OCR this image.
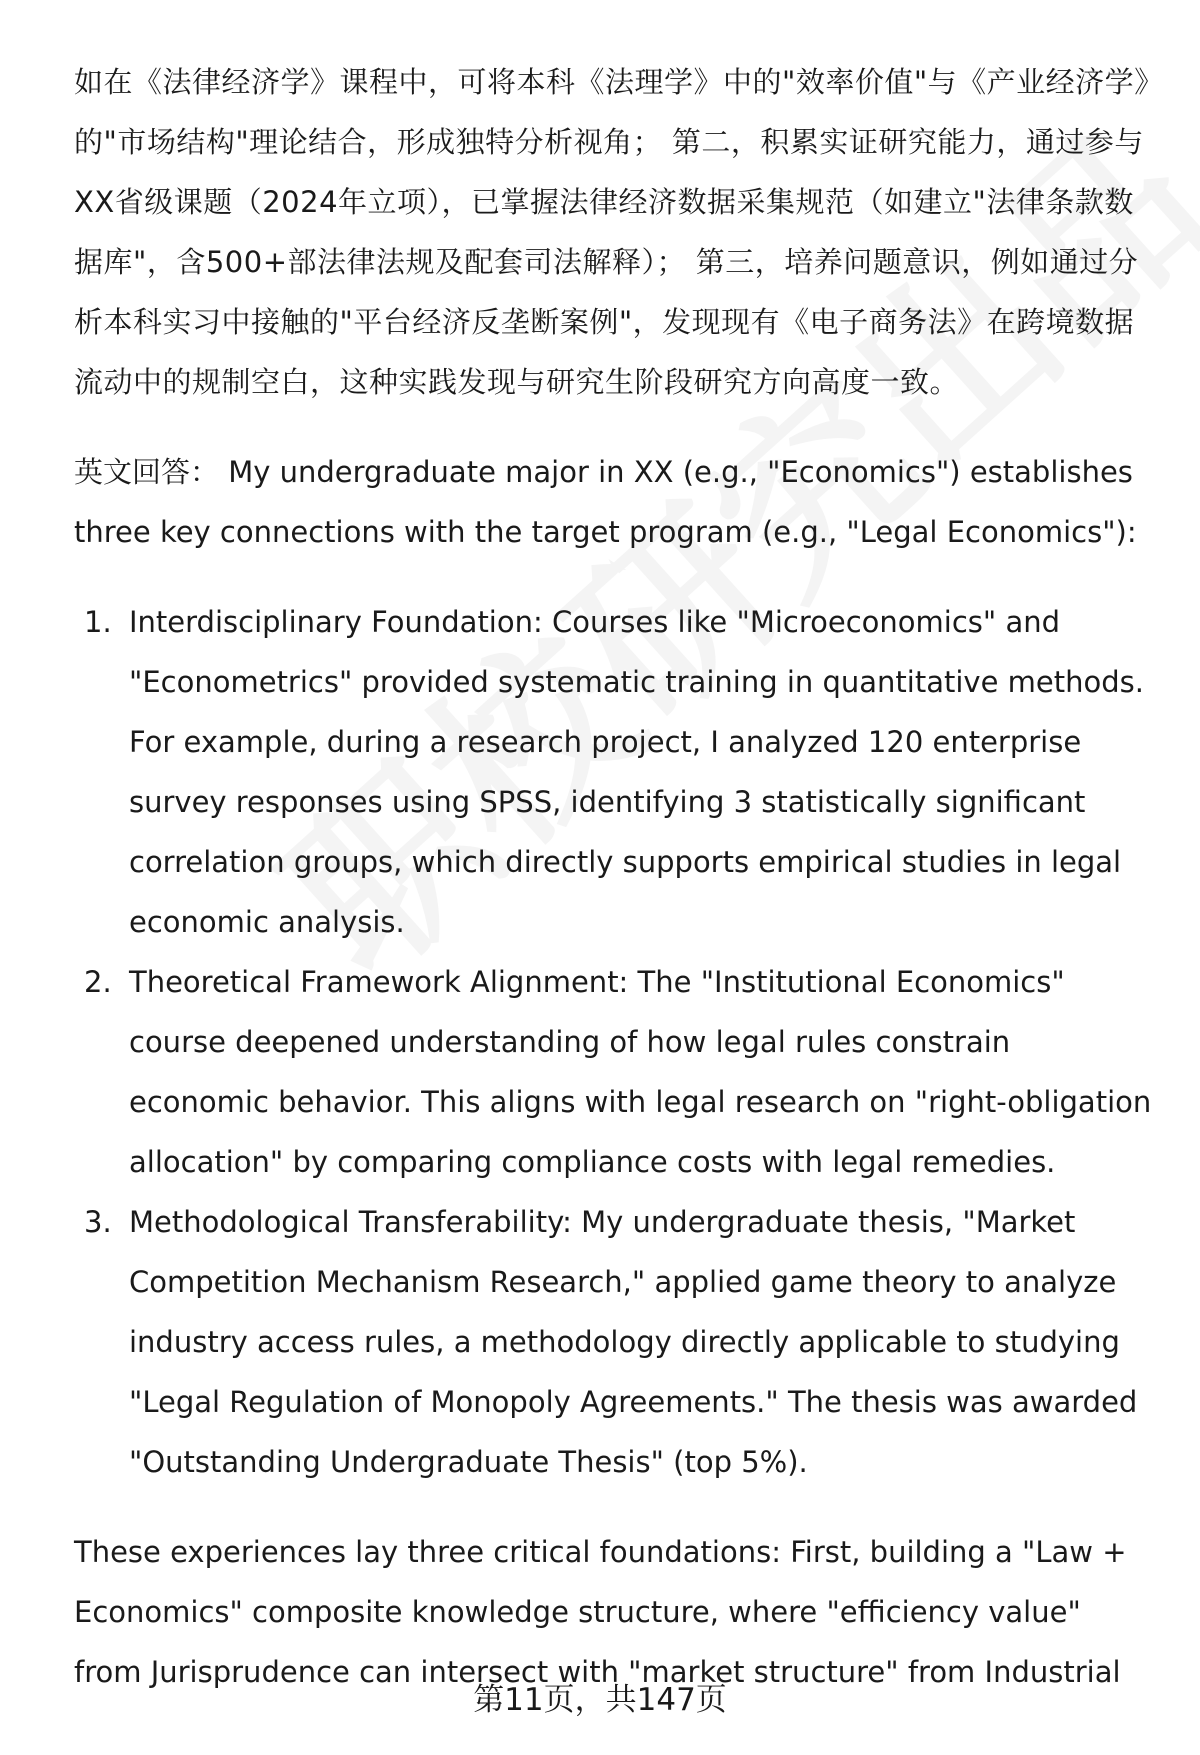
如在《法律经济学》课程中，可将本科《法理学》中的"效率价值"与《产业经济学》的"市场结构"理论结合，形成独特分析视角； 第二，积累实证研究能力，通过参与XX省级课题（2024年立项），已掌握法律经济数据采集规范（如建立"法律条款数据库"，含500+部法律法规及配套司法解释）； 第三，培养问题意识，例如通过分析本科实习中接触的"平台经济反垄断案例"，发现现有《电子商务法》在跨境数据流动中的规制空白，这种实践发现与研究生阶段研究方向高度一致。

英文回答： My undergraduate major in XX (e.g., "Economics") establishes three key connections with the target program (e.g., "Legal Economics"):

1. Interdisciplinary Foundation: Courses like "Microeconomics" and "Econometrics" provided systematic training in quantitative methods. For example, during a research project, I analyzed 120 enterprise survey responses using SPSS, identifying 3 statistically significant correlation groups, which directly supports empirical studies in legal economic analysis.
2. Theoretical Framework Alignment: The "Institutional Economics" course deepened understanding of how legal rules constrain economic behavior. This aligns with legal research on "right-obligation allocation" by comparing compliance costs with legal remedies.
3. Methodological Transferability: My undergraduate thesis, "Market Competition Mechanism Research," applied game theory to analyze industry access rules, a methodology directly applicable to studying "Legal Regulation of Monopoly Agreements." The thesis was awarded "Outstanding Undergraduate Thesis" (top 5%).

These experiences lay three critical foundations: First, building a "Law + Economics" composite knowledge structure, where "efficiency value" from Jurisprudence can intersect with "market structure" from Industrial

第11页，共147页
